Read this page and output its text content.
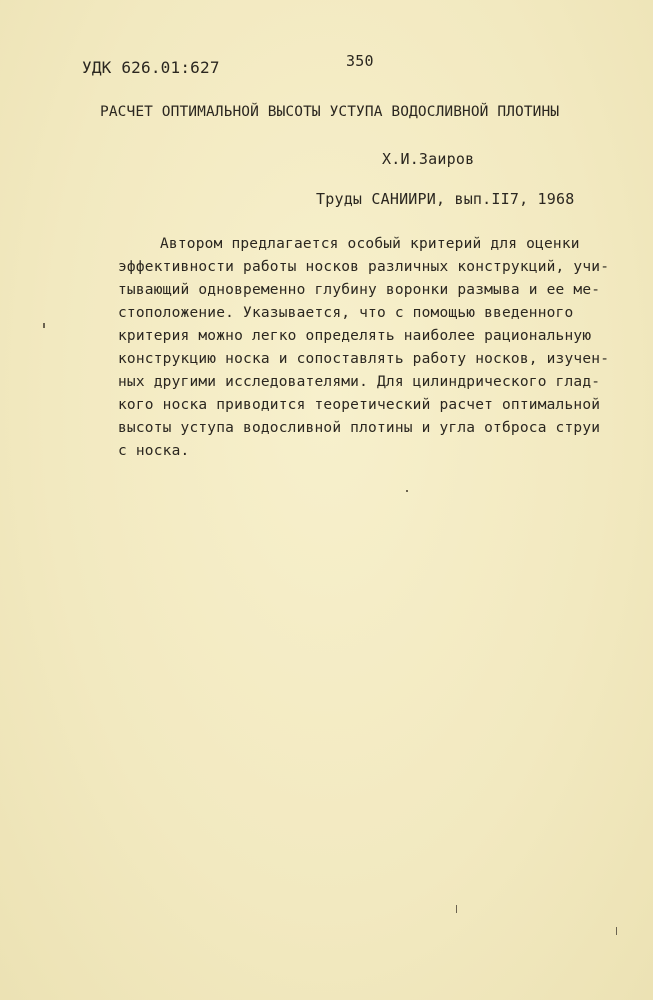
УДК 626.01:627	350
РАСЧЕТ ОПТИМАЛЬНОЙ ВЫСОТЫ УСТУПА ВОДОСЛИВНОЙ ПЛОТИНЫ
Х.И.Заиров
Труды САНИИРИ, вып.II7, 1968
Автором предлагается особый критерий для оценки
эффективности работы носков различных конструкций, учи-
тывающий одновременно глубину воронки размыва и ее ме-
стоположение. Указывается, что с помощью введенного
критерия можно легко определять наиболее рациональную
конструкцию носка и сопоставлять работу носков, изучен-
ных другими исследователями. Для цилиндрического глад-
кого носка приводится теоретический расчет оптимальной
высоты уступа водосливной плотины и угла отброса струи
с носка.
